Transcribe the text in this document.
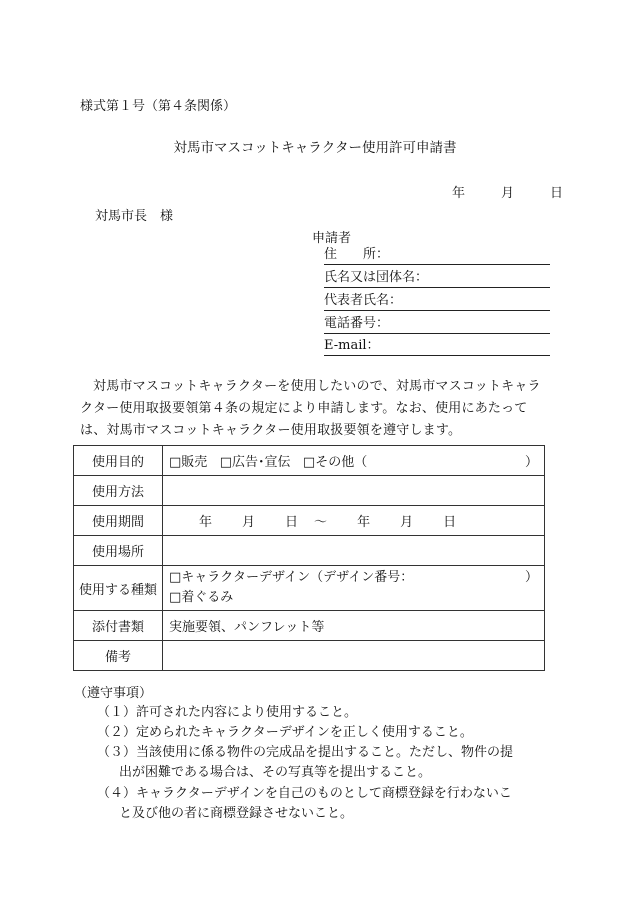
様式第１号（第４条関係）
対馬市マスコットキャラクター使用許可申請書
年	月	日
対馬市長　様
申請者
住　　所：
氏名又は団体名：
代表者氏名：
電話番号：
E-mail：
対馬市マスコットキャラクターを使用したいので、対馬市マスコットキャラクター使用取扱要領第４条の規定により申請します。なお、使用にあたっては、対馬市マスコットキャラクター使用取扱要領を遵守します。
使用目的	□販売 □広告･宣伝 □その他（ ）

使用方法	
使用期間	年 月 日 ～ 年 月 日
使用場所	
使用する種類	□キャラクターデザイン（デザイン番号： ）
□着ぐるみ

添付書類	実施要領、パンフレット等
備考	
（遵守事項）
（１）許可された内容により使用すること。
（２）定められたキャラクターデザインを正しく使用すること。
（３）当該使用に係る物件の完成品を提出すること。ただし、物件の提
出が困難である場合は、その写真等を提出すること。
（４）キャラクターデザインを自己のものとして商標登録を行わないこ
と及び他の者に商標登録させないこと。
